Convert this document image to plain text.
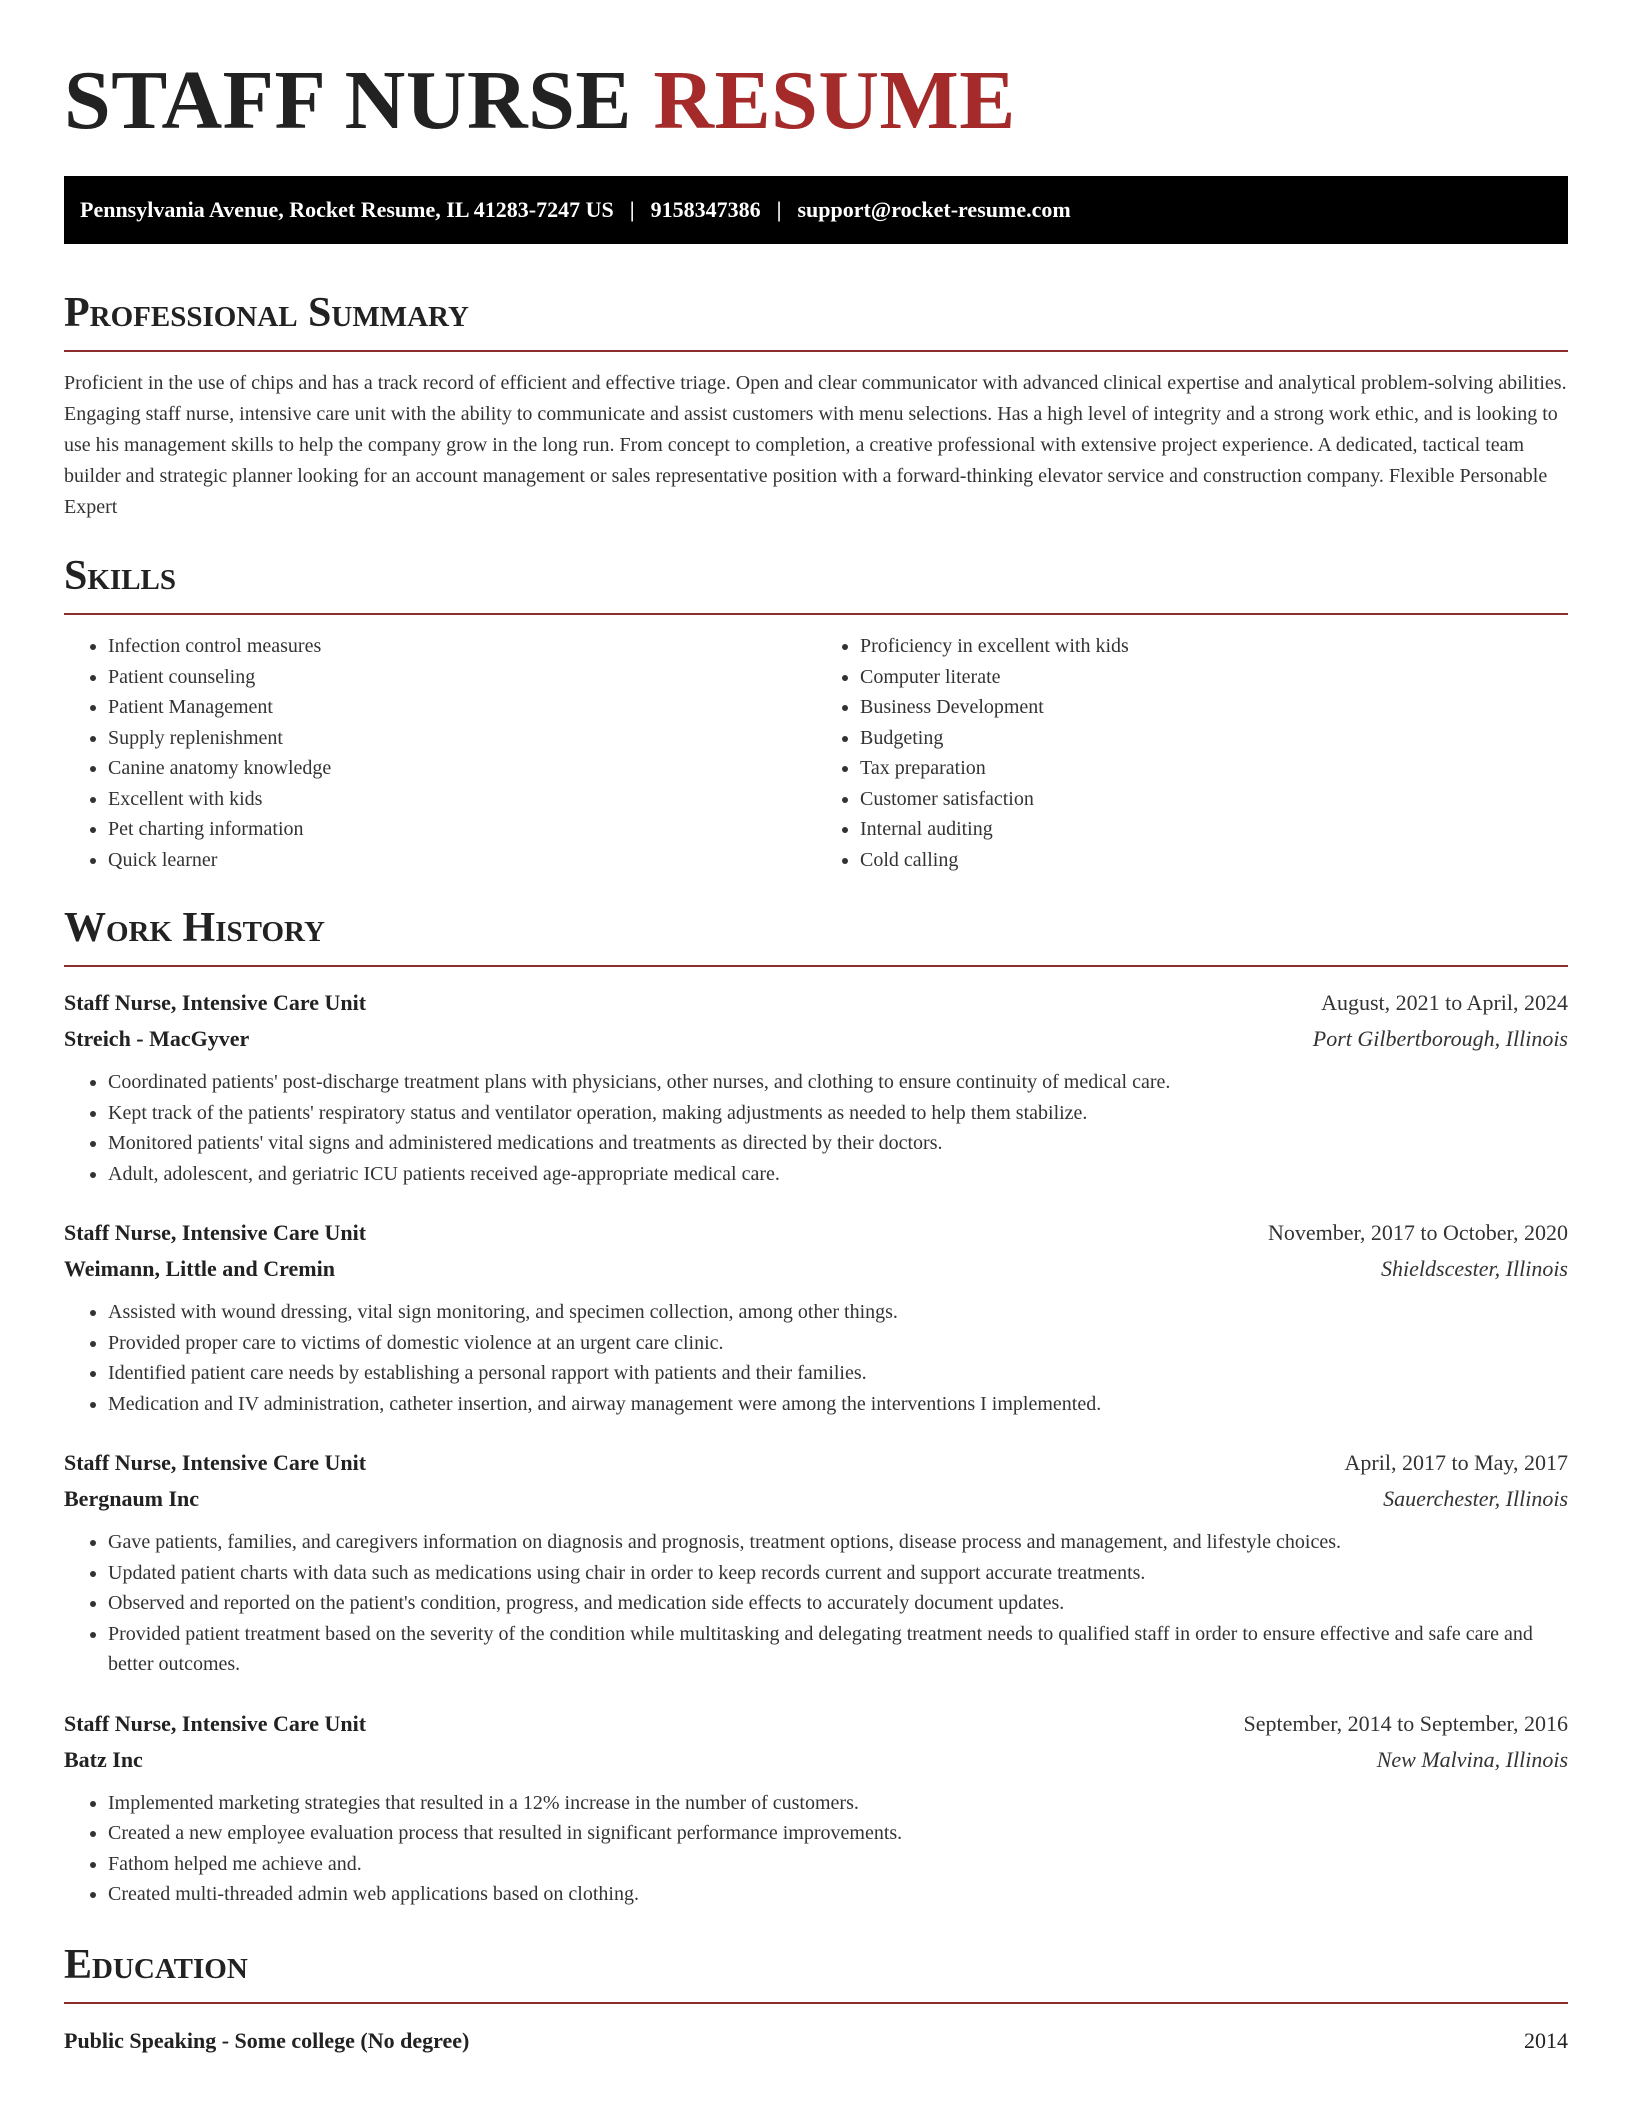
STAFF NURSE RESUME
Pennsylvania Avenue, Rocket Resume, IL 41283-7247 US | 9158347386 | support@rocket-resume.com
Professional Summary

Proficient in the use of chips and has a track record of efficient and effective triage. Open and clear communicator with advanced clinical expertise and analytical problem-solving abilities. Engaging staff nurse, intensive care unit with the ability to communicate and assist customers with menu selections. Has a high level of integrity and a strong work ethic, and is looking to use his management skills to help the company grow in the long run. From concept to completion, a creative professional with extensive project experience. A dedicated, tactical team builder and strategic planner looking for an account management or sales representative position with a forward-thinking elevator service and construction company. Flexible Personable Expert

Skills
• Infection control measures
• Patient counseling
• Patient Management
• Supply replenishment
• Canine anatomy knowledge
• Excellent with kids
• Pet charting information
• Quick learner
• Proficiency in excellent with kids
• Computer literate
• Business Development
• Budgeting
• Tax preparation
• Customer satisfaction
• Internal auditing
• Cold calling
Work History
Staff Nurse, Intensive Care Unit	August, 2021 to April, 2024
Streich - MacGyver	Port Gilbertborough, Illinois
• Coordinated patients' post-discharge treatment plans with physicians, other nurses, and clothing to ensure continuity of medical care.
• Kept track of the patients' respiratory status and ventilator operation, making adjustments as needed to help them stabilize.
• Monitored patients' vital signs and administered medications and treatments as directed by their doctors.
• Adult, adolescent, and geriatric ICU patients received age-appropriate medical care.
Staff Nurse, Intensive Care Unit	November, 2017 to October, 2020
Weimann, Little and Cremin	Shieldscester, Illinois
• Assisted with wound dressing, vital sign monitoring, and specimen collection, among other things.
• Provided proper care to victims of domestic violence at an urgent care clinic.
• Identified patient care needs by establishing a personal rapport with patients and their families.
• Medication and IV administration, catheter insertion, and airway management were among the interventions I implemented.
Staff Nurse, Intensive Care Unit	April, 2017 to May, 2017
Bergnaum Inc	Sauerchester, Illinois
• Gave patients, families, and caregivers information on diagnosis and prognosis, treatment options, disease process and management, and lifestyle choices.
• Updated patient charts with data such as medications using chair in order to keep records current and support accurate treatments.
• Observed and reported on the patient's condition, progress, and medication side effects to accurately document updates.
• Provided patient treatment based on the severity of the condition while multitasking and delegating treatment needs to qualified staff in order to ensure effective and safe care and better outcomes.
Staff Nurse, Intensive Care Unit	September, 2014 to September, 2016
Batz Inc	New Malvina, Illinois
• Implemented marketing strategies that resulted in a 12% increase in the number of customers.
• Created a new employee evaluation process that resulted in significant performance improvements.
• Fathom helped me achieve and.
• Created multi-threaded admin web applications based on clothing.
Education
Public Speaking - Some college (No degree)	2014
